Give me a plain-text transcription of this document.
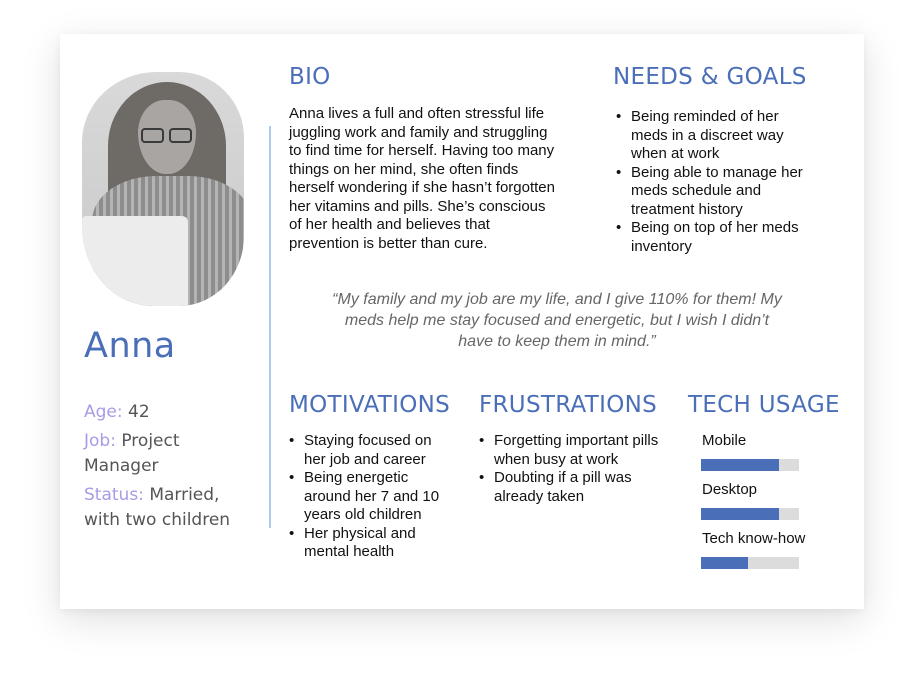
Anna
Age: 42
Job: Project Manager
Status: Married, with two children
BIO
Anna lives a full and often stressful life juggling work and family and struggling to find time for herself. Having too many things on her mind, she often finds herself wondering if she hasn’t forgotten her vitamins and pills. She’s conscious of her health and believes that prevention is better than cure.
NEEDS & GOALS
• Being reminded of her meds in a discreet way when at work
• Being able to manage her meds schedule and treatment history
• Being on top of her meds inventory
“My family and my job are my life, and I give 110% for them! My meds help me stay focused and energetic, but I wish I didn’t have to keep them in mind.”
MOTIVATIONS
• Staying focused on her job and career
• Being energetic around her 7 and 10 years old children
• Her physical and mental health
FRUSTRATIONS
• Forgetting important pills when busy at work
• Doubting if a pill was already taken
TECH USAGE
Mobile
Desktop
Tech know-how
